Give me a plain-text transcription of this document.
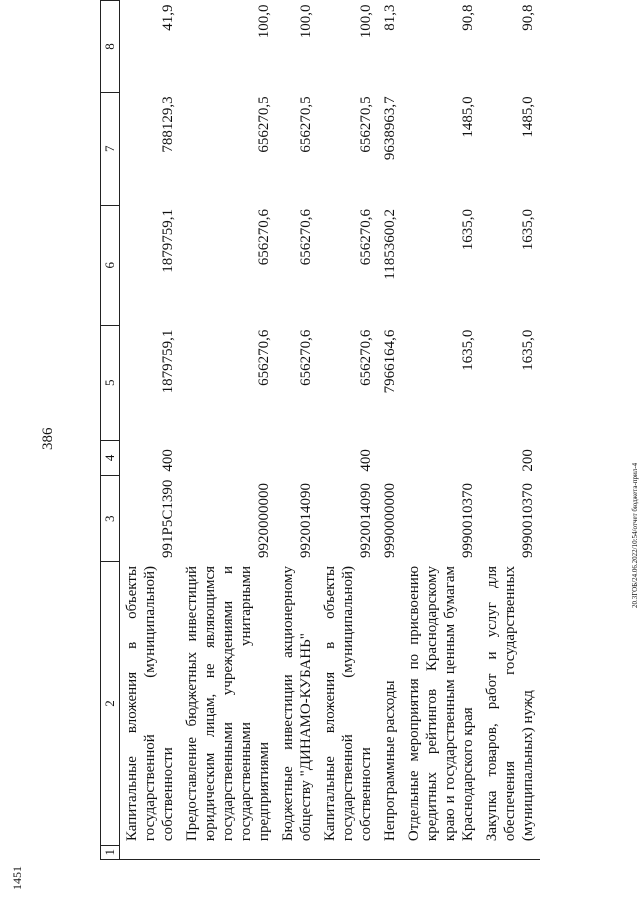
386
20.3ГОБ/24.06.2022/10:54/отчет бюджета-прил-4
1451
1	2	3	4	5	6	7	8
	Капитальные вложения в объекты государственной (муниципальной) собственности	991P5C1390	400	1879759,1	1879759,1	788129,3	41,9
	Предоставление бюджетных инвестиций юридическим лицам, не являющимся государственными учреждениями и государственными унитарными предприятиями	9920000000		656270,6	656270,6	656270,5	100,0
	Бюджетные инвестиции акционерному обществу "ДИНАМО-КУБАНЬ"	9920014090		656270,6	656270,6	656270,5	100,0
	Капитальные вложения в объекты государственной (муниципальной) собственности	9920014090	400	656270,6	656270,6	656270,5	100,0
	Непрограммные расходы	9990000000		7966164,6	11853600,2	9638963,7	81,3
	Отдельные мероприятия по присвоению кредитных рейтингов Краснодарскому краю и государственным ценным бумагам Краснодарского края	9990010370		1635,0	1635,0	1485,0	90,8
	Закупка товаров, работ и услуг для обеспечения государственных (муниципальных) нужд	9990010370	200	1635,0	1635,0	1485,0	90,8
